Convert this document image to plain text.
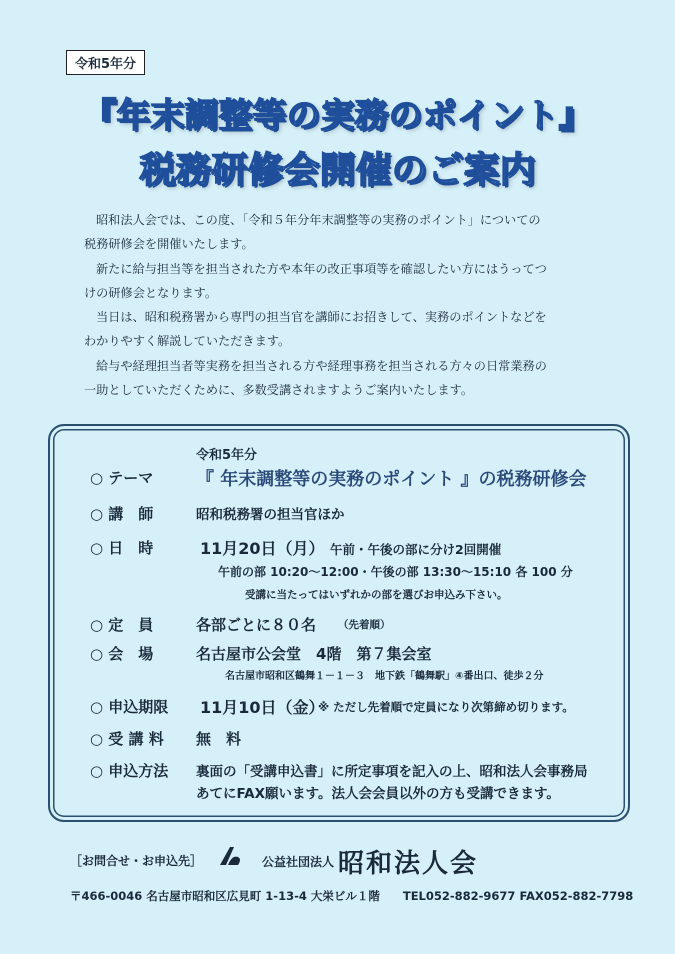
令和5年分
『年末調整等の実務のポイント』
税務研修会開催のご案内

昭和法人会では、この度、「令和５年分年末調整等の実務のポイント」についての

税務研修会を開催いたします。

新たに給与担当等を担当された方や本年の改正事項等を確認したい方にはうってつ

けの研修会となります。

当日は、昭和税務署から専門の担当官を講師にお招きして、実務のポイントなどを

わかりやすく解説していただきます。

給与や経理担当者等実務を担当される方や経理事務を担当される方々の日常業務の

一助としていただくために、多数受講されますようご案内いたします。

令和5年分
○ テーマ 『 年末調整等の実務のポイント 』の税務研修会
○ 講　師	昭和税務署の担当官ほか
○ 日　時	11月20日（月） 午前・午後の部に分け2回開催
午前の部 10:20〜12:00・午後の部 13:30〜15:10 各 100 分
受講に当たってはいずれかの部を選びお申込み下さい。
○ 定　員	各部ごとに８０名 （先着順）
○ 会　場	名古屋市公会堂　4階　第７集会室
名古屋市昭和区鶴舞１－１－３　地下鉄「鶴舞駅」④番出口、徒歩２分
○ 申込期限 11月10日（金）
※ ただし先着順で定員になり次第締め切ります。
○ 受 講 料 無　料
○ 申込方法 裏面の「受講申込書」に所定事項を記入の上、昭和法人会事務局
あてにFAX願います。法人会会員以外の方も受講できます。
［お問合せ・お申込先］	公益社団法人 昭和法人会
〒466-0046 名古屋市昭和区広見町 1-13-4 大栄ビル１階　　TEL052-882-9677 FAX052-882-7798
